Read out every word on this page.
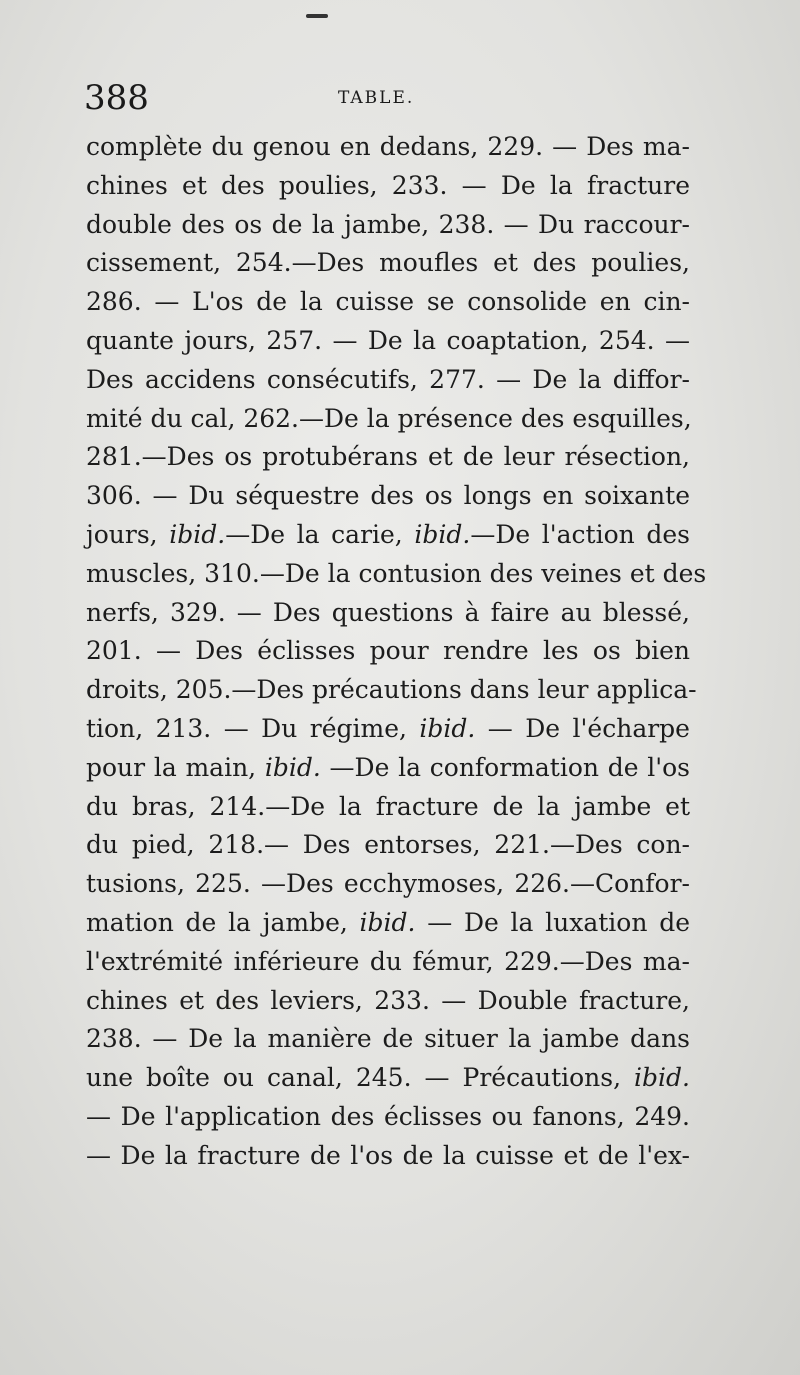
388	TABLE.
complète du genou en dedans, 229. — Des ma-
chines et des poulies, 233. — De la fracture
double des os de la jambe, 238. — Du raccour-
cissement, 254.—Des moufles et des poulies,
286. — L'os de la cuisse se consolide en cin-
quante jours, 257. — De la coaptation, 254. —
Des accidens consécutifs, 277. — De la diffor-
mité du cal, 262.—De la présence des esquilles,
281.—Des os protubérans et de leur résection,
306. — Du séquestre des os longs en soixante
jours, ibid.—De la carie, ibid.—De l'action des
muscles, 310.—De la contusion des veines et des
nerfs, 329. — Des questions à faire au blessé,
201. — Des éclisses pour rendre les os bien
droits, 205.—Des précautions dans leur applica-
tion, 213. — Du régime, ibid. — De l'écharpe
pour la main, ibid. —De la conformation de l'os
du bras, 214.—De la fracture de la jambe et
du pied, 218.— Des entorses, 221.—Des con-
tusions, 225. —Des ecchymoses, 226.—Confor-
mation de la jambe, ibid. — De la luxation de
l'extrémité inférieure du fémur, 229.—Des ma-
chines et des leviers, 233. — Double fracture,
238. — De la manière de situer la jambe dans
une boîte ou canal, 245. — Précautions, ibid.
— De l'application des éclisses ou fanons, 249.
— De la fracture de l'os de la cuisse et de l'ex-
